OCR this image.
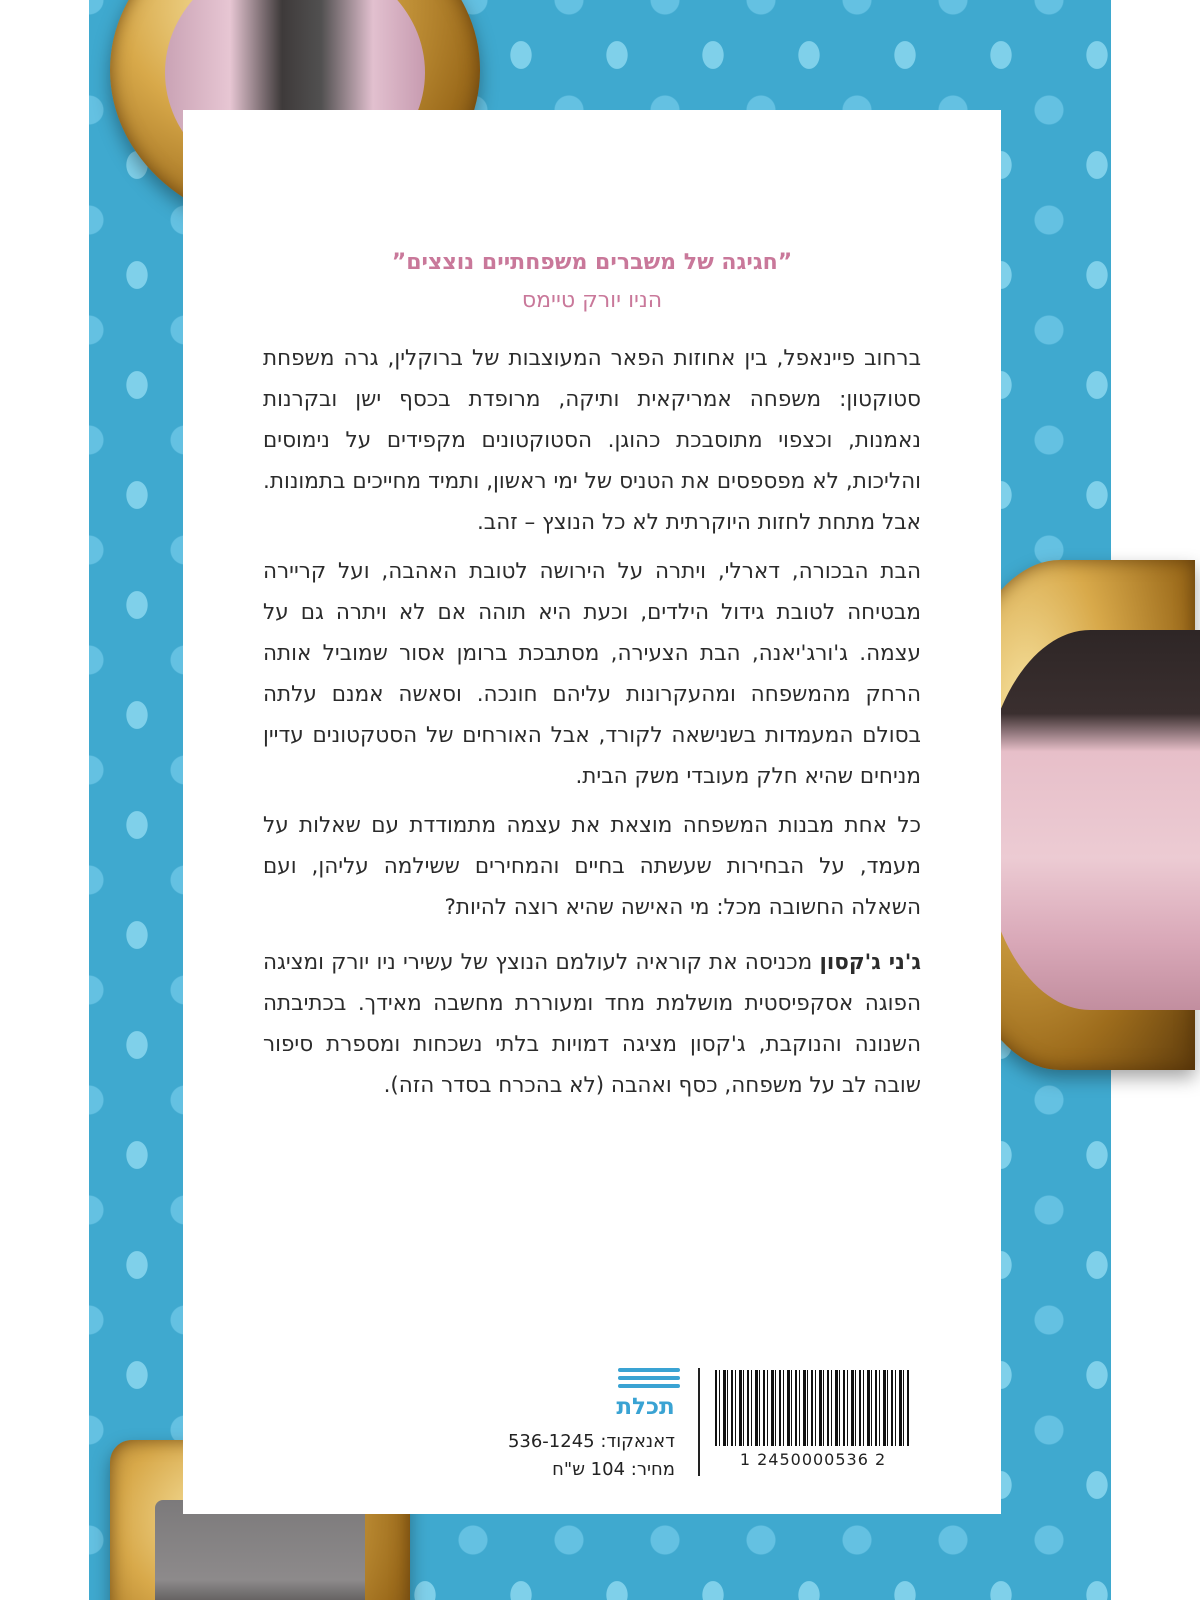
”חגיגה של משברים משפחתיים נוצצים”
הניו יורק טיימס

ברחוב פיינאפל, בין אחוזות הפאר המעוצבות של ברוקלין, גרה משפחת סטוקטון: משפחה אמריקאית ותיקה, מרופדת בכסף ישן ובקרנות נאמנות, וכצפוי מתוסבכת כהוגן. הסטוקטונים מקפידים על נימוסים והליכות, לא מפספסים את הטניס של ימי ראשון, ותמיד מחייכים בתמונות. אבל מתחת לחזות היוקרתית לא כל הנוצץ – זהב.

הבת הבכורה, דארלי, ויתרה על הירושה לטובת האהבה, ועל קריירה מבטיחה לטובת גידול הילדים, וכעת היא תוהה אם לא ויתרה גם על עצמה. ג'ורג'יאנה, הבת הצעירה, מסתבכת ברומן אסור שמוביל אותה הרחק מהמשפחה ומהעקרונות עליהם חונכה. וסאשה אמנם עלתה בסולם המעמדות בשנישאה לקורד, אבל האורחים של הסטקטונים עדיין מניחים שהיא חלק מעובדי משק הבית.

כל אחת מבנות המשפחה מוצאת את עצמה מתמודדת עם שאלות על מעמד, על הבחירות שעשתה בחיים והמחירים ששילמה עליהן, ועם השאלה החשובה מכל: מי האישה שהיא רוצה להיות?

ג'ני ג'קסון מכניסה את קוראיה לעולמם הנוצץ של עשירי ניו יורק ומציגה הפוגה אסקפיסטית מושלמת מחד ומעוררת מחשבה מאידך. בכתיבתה השנונה והנוקבת, ג'קסון מציגה דמויות בלתי נשכחות ומספרת סיפור שובה לב על משפחה, כסף ואהבה (לא בהכרח בסדר הזה).

תכלת
דאנאקוד: 536-1245
מחיר: 104 ש"ח	1 2450000536 2
